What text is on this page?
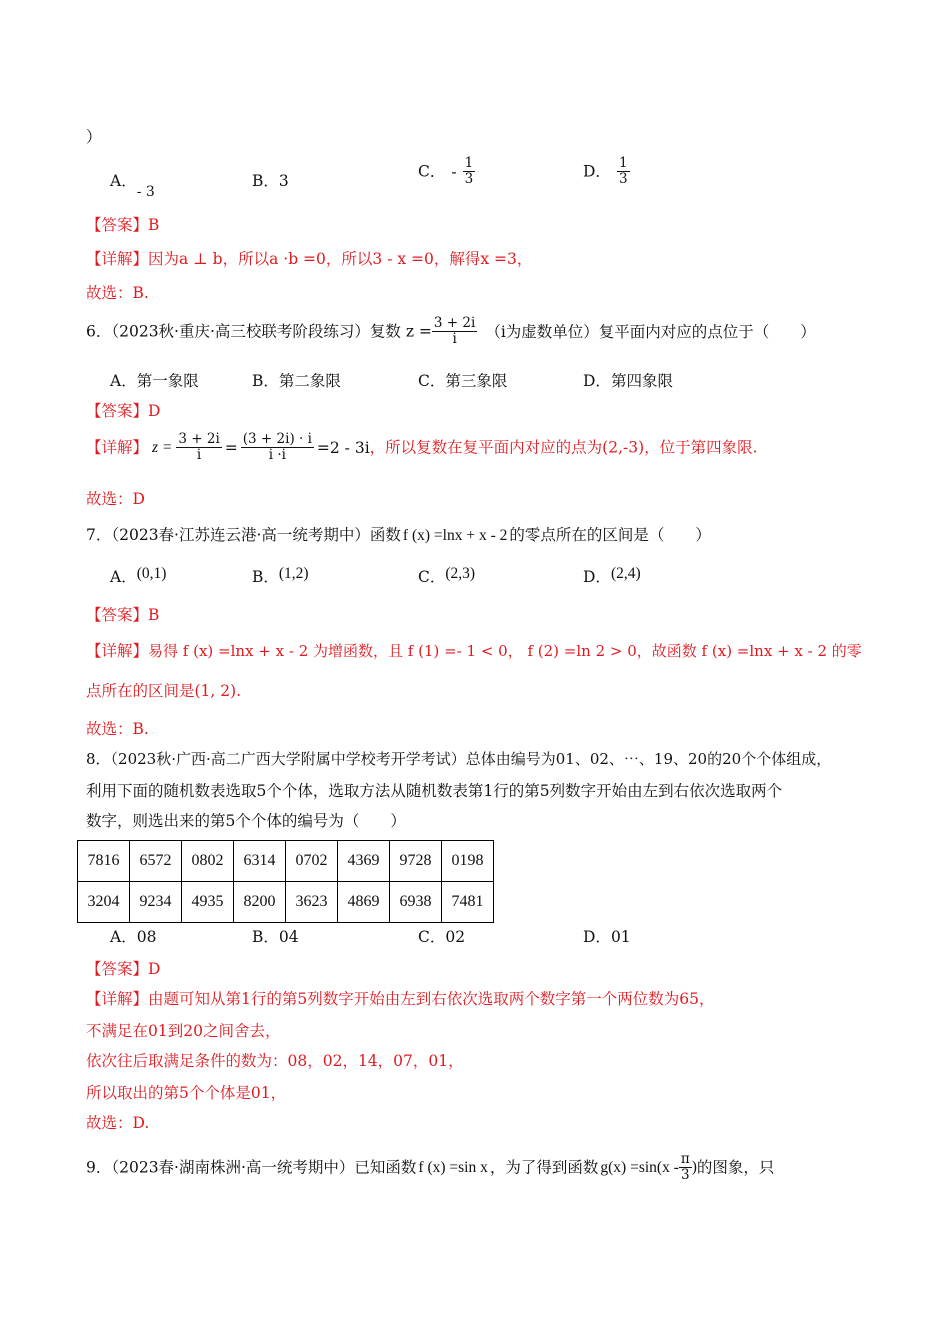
）
A．- 3
B．3
C． - $\frac{1}{3}$	D． $\frac{1}{3}$
【答案】B
【详解】因为a ⊥ b，所以a ·b =0，所以3 - x =0，解得x =3，
故选：B.
6．（2023秋·重庆·高三校联考阶段练习）复数 $z = \frac{3 + 2i}{i} (i$为虚数单位）复平面内对应的点位于（　　）
A．第一象限	B．第二象限	C．第三象限	D．第四象限
【答案】D
【详解】 $z = \frac{3 + 2i}{i} = \frac{(3 + 2i) \cdot i}{i \cdot i} =2 - 3i$，所以复数在复平面内对应的点为(2,-3)，位于第四象限.
故选：D
7．（2023春·江苏连云港·高一统考期中）函数 f (x) =lnx + x - 2 的零点所在的区间是（　　）
A．(0,1)	B．(1,2)	C．(2,3)	D．(2,4)
【答案】B
【详解】易得 f (x) =lnx + x - 2 为增函数，且 f (1) =- 1 < 0， f (2) =ln 2 > 0，故函数 f (x) =lnx + x - 2 的零
点所在的区间是(1, 2).
故选：B.
8．（2023秋·广西·高二广西大学附属中学校考开学考试）总体由编号为01、02、⋯、19、20的20个个体组成，
利用下面的随机数表选取5个个体，选取方法从随机数表第1行的第5列数字开始由左到右依次选取两个
数字，则选出来的第5个个体的编号为（　　）
7816	6572	0802	6314	0702	4369	9728	0198
3204	9234	4935	8200	3623	4869	6938	7481
A．08	B．04	C．02	D．01
【答案】D
【详解】由题可知从第1行的第5列数字开始由左到右依次选取两个数字第一个两位数为65，
不满足在01到20之间舍去，
依次往后取满足条件的数为：08，02，14，07，01，
所以取出的第5个个体是01，
故选：D.
9．（2023春·湖南株洲·高一统考期中）已知函数 f (x) =sin x ，为了得到函数 $g(x) =\sin(x - \frac{\pi}{3}$ )的图象，只
